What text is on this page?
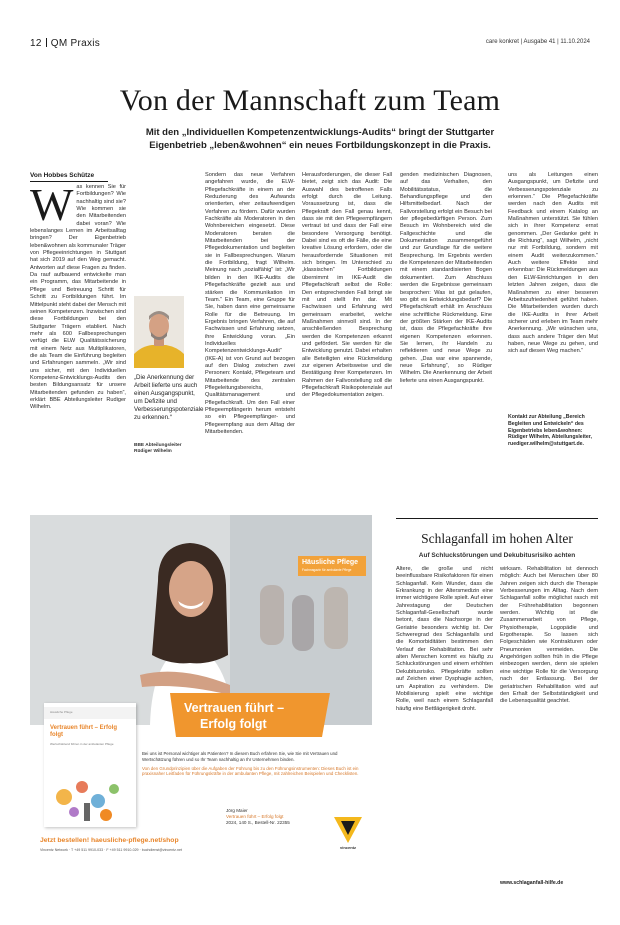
12 QM Praxis	care konkret | Ausgabe 41 | 11.10.2024
Von der Mannschaft zum Team
Mit den „Individuellen Kompetenzentwicklungs-Audits“ bringt der Stuttgarter Eigenbetrieb „leben&wohnen“ ein neues Fortbildungskonzept in die Praxis.
Von Hobbes Schütze
W as kennen Sie für Fortbildungen? Wie nachhaltig sind sie? Wie kommen sie den Mitarbeitenden dabei voran? Wie lebenslanges Lernen im Arbeitsalltag bringen? Der Eigenbetrieb leben&wohnen als kommunaler Träger von Pflegeeinrichtungen in Stuttgart hat sich 2019 auf den Weg gemacht. Antworten auf diese Fragen zu finden. Da rauf aufbauend entwickelte man ein Programm, das Mitarbeitende in Pflege und Betreuung Schritt für Schritt zu Fortbildungen führt. Im Mittelpunkt steht dabei der Mensch mit seinen Kompetenzen. Inzwischen sind diese Fortbildungen bei den Stuttgarter Trägern etabliert. Nach mehr als 600 Fallbesprechungen verfügt die ELW Qualitätssicherung mit einem Netz aus Multiplikatoren, die als Team die Einführung begleiten und Erfahrungen sammeln. „Wir sind uns sicher, mit den Individuellen Kompetenz-Entwicklungs-Audits den besten Bildungsansatz für unsere Mitarbeitenden gefunden zu haben“, erklärt BBE Abteilungsleiter Rudiger Wilhelm.
„Die Anerkennung der Arbeit lieferte uns auch einen Ausgangspunkt, um Defizite und Verbesserungspotenziale zu erkennen.“
BBE Abteilungsleiter Rüdiger Wilhelm
Sondern das neue Verfahren angefahren wurde, die ELW-Pflegefachkräfte in einem an der Reduzierung des Aufwands orientierten, eher zeitaufwendigen Verfahren zu fördern. Dafür wurden Fachkräfte als Moderatoren in den Wohnbereichen eingesetzt. Diese Moderatoren beraten die Mitarbeitenden bei der Pflegedokumentation und begleiten sie in Fallbesprechungen. Warum die Fortbildung, fragt Wilhelm. Meinung nach „sozialfähig“ ist: „Wir bilden in den IKE-Audits die Pflegefachkräfte gezielt aus und stärken die Kommunikation im Team.“ Ein Team, eine Gruppe für Sie, haben dann eine gemeinsame Rolle für die Betreuung. Im Ergebnis bringen Verfahren, die auf Fachwissen und Erfahrung setzen, ihre Entwicklung voran. „Ein Individuelles Kompetenzentwicklungs-Audit“ (IKE-A) ist von Grund auf bezogen auf den Dialog zwischen zwei Personen: Kontakt, Pflegeteam und Mitarbeitende des zentralen Pflegeleitungsbereichs, Qualitätsmanagement und Pflegefachkraft. Um den Fall einer Pflegeempfängerin herum entsteht so ein Pflegeempfänger- und Pflegeempfang aus dem Alltag der Mitarbeitenden.
Herausforderungen, die dieser Fall bietet, zeigt sich das Audit: Die Auswahl des betroffenen Falls erfolgt durch die Leitung. Voraussetzung ist, dass die Pflegekraft den Fall genau kennt, dass sie mit den Pflegeempfängern vertraut ist und dass der Fall eine besondere Versorgung benötigt. Dabei sind es oft die Fälle, die eine kreative Lösung erfordern, oder die herausfordernde Situationen mit sich bringen. Im Unterschied zu „klassischen“ Fortbildungen übernimmt im IKE-Audit die Pflegefachkraft selbst die Rolle: Den entsprechenden Fall bringt sie mit und stellt ihn dar. Mit Fachwissen und Erfahrung wird gemeinsam erarbeitet, welche Maßnahmen sinnvoll sind. In der anschließenden Besprechung werden die Kompetenzen erkannt und gefördert. Sie werden für die Entwicklung genutzt. Dabei erhalten alle Beteiligten eine Rückmeldung zur eigenen Arbeitsweise und die Bestätigung ihrer Kompetenzen. Im Rahmen der Fallvorstellung soll die Pflegefachkraft Risikopotenziale auf der Pflegedokumentation zeigen.
genden medizinischen Diagnosen, auf das Verhalten, den Mobilitätsstatus, die Behandlungspflege und den Hilfsmittelbedarf. Nach der Fallvorstellung erfolgt ein Besuch bei der pflegebedürftigen Person. Zum Besuch im Wohnbereich wird die Fallgeschichte und die Dokumentation zusammengeführt und zur Grundlage für die weitere Besprechung. Im Ergebnis werden die Kompetenzen der Mitarbeitenden mit einem standardisierten Bogen dokumentiert. Zum Abschluss werden die Ergebnisse gemeinsam besprochen: Was ist gut gelaufen, wo gibt es Entwicklungsbedarf? Die Pflegefachkraft erhält im Anschluss eine schriftliche Rückmeldung. Eine der größten Stärken der IKE-Audits ist, dass die Pflegefachkräfte ihre eigenen Kompetenzen erkennen. Sie lernen, ihr Handeln zu reflektieren und neue Wege zu gehen. „Das war eine spannende, neue Erfahrung“, so Rüdiger Wilhelm. Die Anerkennung der Arbeit lieferte uns einen Ausgangspunkt.
uns als Leitungen einen Ausgangspunkt, um Defizite und Verbesserungspotenziale zu erkennen.“ Die Pflegefachkräfte werden nach den Audits mit Feedback und einem Katalog an Maßnahmen unterstützt. Sie fühlen sich in ihrer Kompetenz ernst genommen. „Der Gedanke geht in die Richtung“, sagt Wilhelm, „nicht nur mit Fortbildung, sondern mit einem Audit weiterzukommen.“ Auch weitere Effekte sind erkennbar: Die Rückmeldungen aus den ELW-Einrichtungen in den letzten Jahren zeigen, dass die Maßnahmen zu einer besseren Arbeitszufriedenheit geführt haben. Die Mitarbeitenden wurden durch die IKE-Audits in ihrer Arbeit sicherer und erleben im Team mehr Anerkennung. „Wir wünschen uns, dass auch andere Träger den Mut haben, neue Wege zu gehen, und sich auf diesen Weg machen.“
Kontakt zur Abteilung „Bereich Begleiten und Entwickeln“ des Eigenbetriebs leben&wohnen: Rüdiger Wilhelm, Abteilungsleiter, ruediger.wilhelm@stuttgart.de.
Schlaganfall im hohen Alter
Auf Schluckstörungen und Dekubitusrisiko achten
Ältere, die große und nicht beeinflussbare Risikofaktoren für einen Schlaganfall. Kein Wunder, dass die Erkrankung in der Altersmedizin eine immer wichtigere Rolle spielt. Auf einer Jahrestagung der Deutschen Schlaganfall-Gesellschaft wurde betont, dass die Nachsorge in der Geriatrie besonders wichtig ist. Der Schweregrad des Schlaganfalls und die Komorbiditäten bestimmen den Verlauf der Rehabilitation. Bei sehr alten Menschen kommt es häufig zu Schluckstörungen und einem erhöhten Dekubitusrisiko. Pflegekräfte sollten auf Zeichen einer Dysphagie achten, um Aspiration zu verhindern. Die Mobilisierung spielt eine wichtige Rolle, weil nach einem Schlaganfall häufig eine Bettlägerigkeit droht.
wirksam. Rehabilitation ist dennoch möglich: Auch bei Menschen über 80 Jahren zeigen sich durch die Therapie Verbesserungen im Alltag. Nach dem Schlaganfall sollte möglichst rasch mit der Frührehabilitation begonnen werden. Wichtig ist die Zusammenarbeit von Pflege, Physiotherapie, Logopädie und Ergotherapie. So lassen sich Folgeschäden wie Kontrakturen oder Pneumonien vermeiden. Die Angehörigen sollten früh in die Pflege einbezogen werden, denn sie spielen eine wichtige Rolle für die Versorgung nach der Entlassung. Bei der geriatrischen Rehabilitation wird auf den Erhalt der Selbstständigkeit und die Lebensqualität geachtet.
www.schlaganfall-hilfe.de
Häusliche Pflege
Fachmagazin für ambulante Pflege
Vertrauen führt –
Erfolg folgt
Häusliche Pflege
Vertrauen führt – Erfolg folgt
Wertschätzend führen in der ambulanten Pflege
Bei uns ist Personal wichtiger als Patienten? In diesem Buch erfahren Sie, wie Sie mit Vertrauen und Wertschätzung führen und so Ihr Team nachhaltig an Ihr Unternehmen binden.
Von den Grundprinzipien über die Aufgaben der Führung bis zu den Führungsinstrumenten: Dieses Buch ist ein praxisnaher Leitfaden für Führungskräfte in der ambulanten Pflege, mit zahlreichen Beispielen und Checklisten.
Jörg Maier
Vertrauen führt – Erfolg folgt
2024, 140 S., Bestell-Nr. 22355
Jetzt bestellen! haeusliche-pflege.net/shop
Vincentz Network · T +49 511 9910-033 · F +49 511 9910-029 · buchdienst@vincentz.net	vincentz
